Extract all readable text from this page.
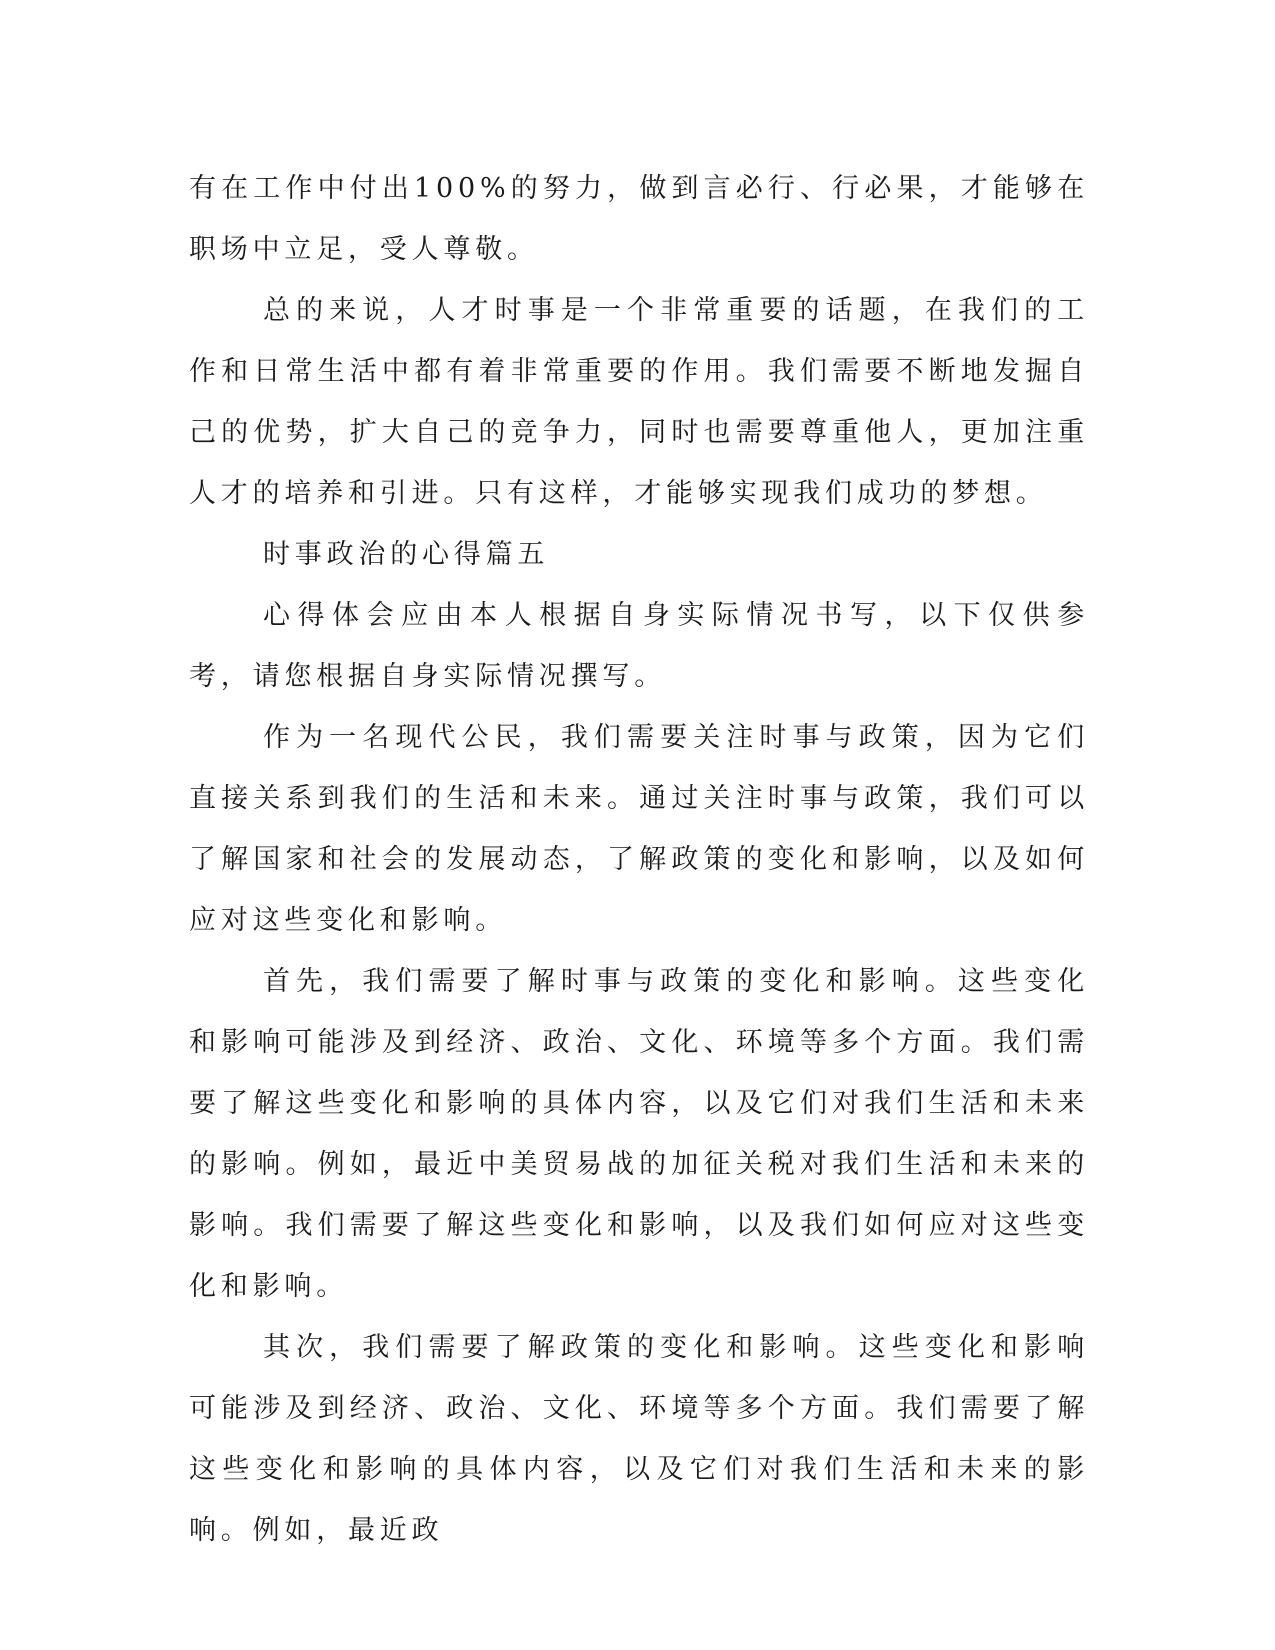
有在工作中付出100%的努力，做到言必行、行必果，才能够在职场中立足，受人尊敬。

总的来说，人才时事是一个非常重要的话题，在我们的工作和日常生活中都有着非常重要的作用。我们需要不断地发掘自己的优势，扩大自己的竞争力，同时也需要尊重他人，更加注重人才的培养和引进。只有这样，才能够实现我们成功的梦想。

时事政治的心得篇五

心得体会应由本人根据自身实际情况书写，以下仅供参考，请您根据自身实际情况撰写。

作为一名现代公民，我们需要关注时事与政策，因为它们直接关系到我们的生活和未来。通过关注时事与政策，我们可以了解国家和社会的发展动态，了解政策的变化和影响，以及如何应对这些变化和影响。

首先，我们需要了解时事与政策的变化和影响。这些变化和影响可能涉及到经济、政治、文化、环境等多个方面。我们需要了解这些变化和影响的具体内容，以及它们对我们生活和未来的影响。例如，最近中美贸易战的加征关税对我们生活和未来的影响。我们需要了解这些变化和影响，以及我们如何应对这些变化和影响。

其次，我们需要了解政策的变化和影响。这些变化和影响可能涉及到经济、政治、文化、环境等多个方面。我们需要了解这些变化和影响的具体内容，以及它们对我们生活和未来的影响。例如，最近政
